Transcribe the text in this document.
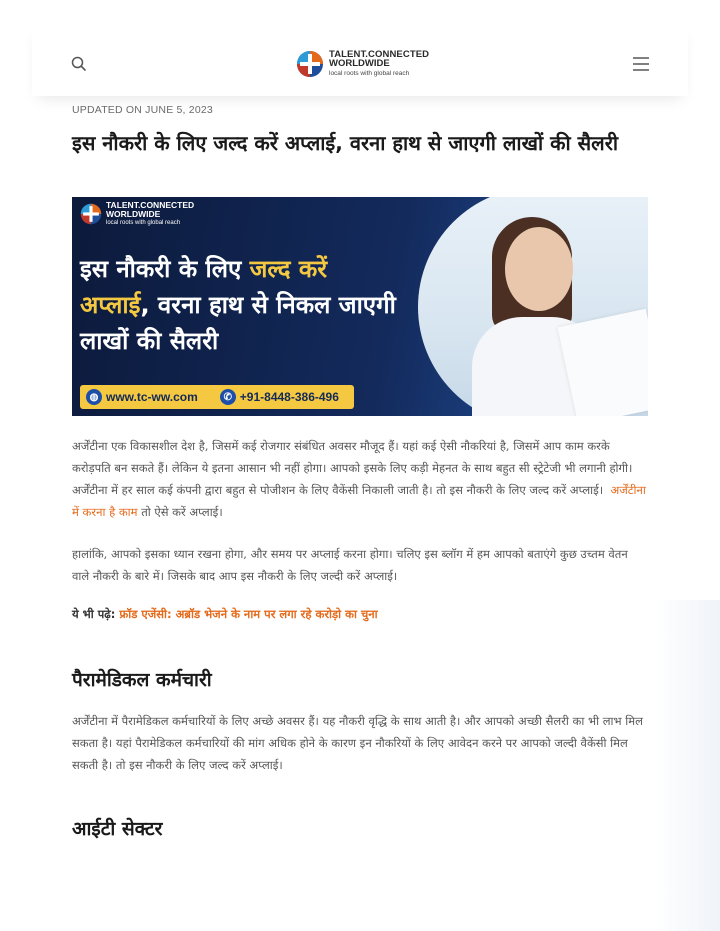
TALENT.CONNECTED
WORLDWIDE
local roots with global reach
UPDATED ON JUNE 5, 2023
इस नौकरी के लिए जल्द करें अप्लाई, वरना हाथ से जाएगी लाखों की सैलरी
TALENT.CONNECTED
WORLDWIDE
local roots with global reach

इस नौकरी के लिए जल्द करें
अप्लाई, वरना हाथ से निकल जाएगी लाखों की सैलरी

◍ www.tc-ww.com	✆ +91-8448-386-496

अर्जेंटीना एक विकासशील देश है, जिसमें कई रोजगार संबंधित अवसर मौजूद हैं। यहां कई ऐसी नौकरियां है, जिसमें आप काम करके करोड़पति बन सकते हैं। लेकिन ये इतना आसान भी नहीं होगा। आपको इसके लिए कड़ी मेहनत के साथ बहुत सी स्ट्रेटेजी भी लगानी होगी। अर्जेंटीना में हर साल कई कंपनी द्वारा बहुत से पोजीशन के लिए वैकेंसी निकाली जाती है। तो इस नौकरी के लिए जल्द करें अप्लाई। अर्जेंटीना में करना है काम तो ऐसे करें अप्लाई।

हालांकि, आपको इसका ध्यान रखना होगा, और समय पर अप्लाई करना होगा। चलिए इस ब्लॉग में हम आपको बताएंगे कुछ उच्तम वेतन वाले नौकरी के बारे में। जिसके बाद आप इस नौकरी के लिए जल्दी करें अप्लाई।

ये भी पढ़े: फ्रॉड एजेंसी: अब्रॉड भेजने के नाम पर लगा रहे करोड़ो का चुना

पैरामेडिकल कर्मचारी

अर्जेंटीना में पैरामेडिकल कर्मचारियों के लिए अच्छे अवसर हैं। यह नौकरी वृद्धि के साथ आती है। और आपको अच्छी सैलरी का भी लाभ मिल सकता है। यहां पैरामेडिकल कर्मचारियों की मांग अधिक होने के कारण इन नौकरियों के लिए आवेदन करने पर आपको जल्दी वैकेंसी मिल सकती है। तो इस नौकरी के लिए जल्द करें अप्लाई।

आईटी सेक्टर
